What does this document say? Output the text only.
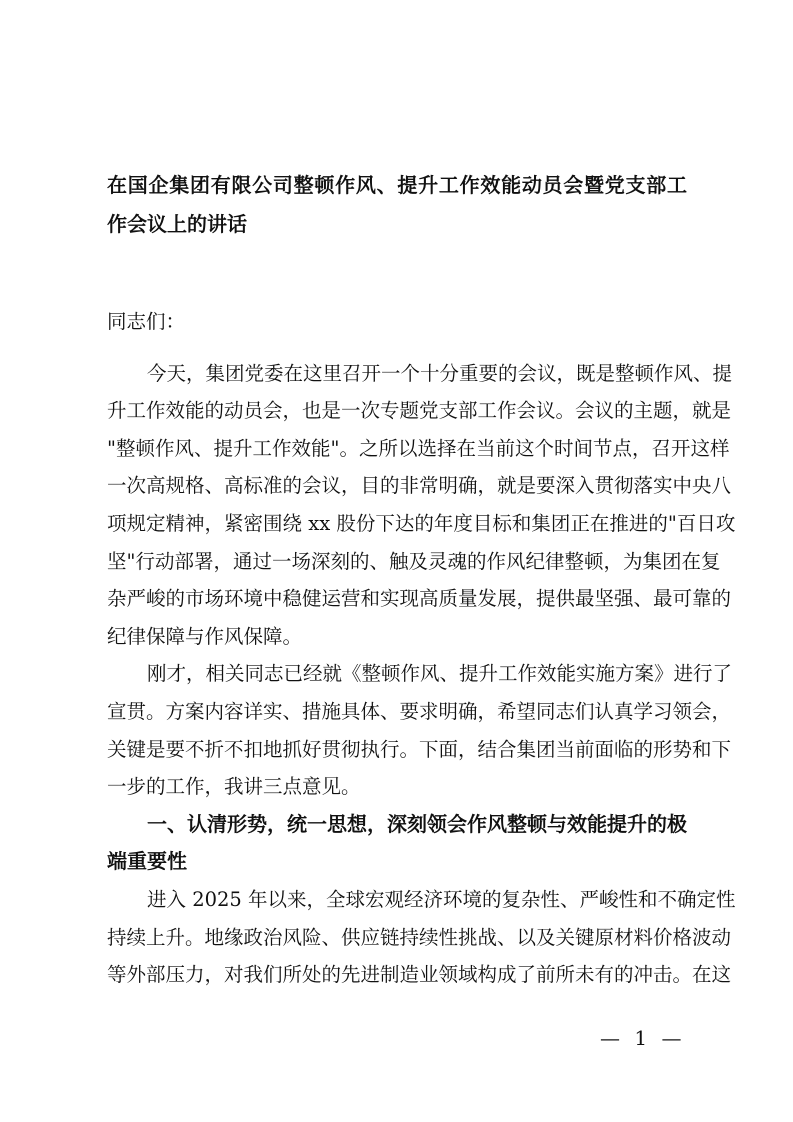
在国企集团有限公司整顿作风、提升工作效能动员会暨党支部工
作会议上的讲话
同志们：
今天，集团党委在这里召开一个十分重要的会议，既是整顿作风、提
升工作效能的动员会，也是一次专题党支部工作会议。会议的主题，就是
"整顿作风、提升工作效能"。之所以选择在当前这个时间节点，召开这样
一次高规格、高标准的会议，目的非常明确，就是要深入贯彻落实中央八
项规定精神，紧密围绕 xx 股份下达的年度目标和集团正在推进的"百日攻
坚"行动部署，通过一场深刻的、触及灵魂的作风纪律整顿，为集团在复
杂严峻的市场环境中稳健运营和实现高质量发展，提供最坚强、最可靠的
纪律保障与作风保障。
刚才，相关同志已经就《整顿作风、提升工作效能实施方案》进行了
宣贯。方案内容详实、措施具体、要求明确，希望同志们认真学习领会，
关键是要不折不扣地抓好贯彻执行。下面，结合集团当前面临的形势和下
一步的工作，我讲三点意见。
一、认清形势，统一思想，深刻领会作风整顿与效能提升的极
端重要性
进入 2025 年以来，全球宏观经济环境的复杂性、严峻性和不确定性
持续上升。地缘政治风险、供应链持续性挑战、以及关键原材料价格波动
等外部压力，对我们所处的先进制造业领域构成了前所未有的冲击。在这
— 1 —
